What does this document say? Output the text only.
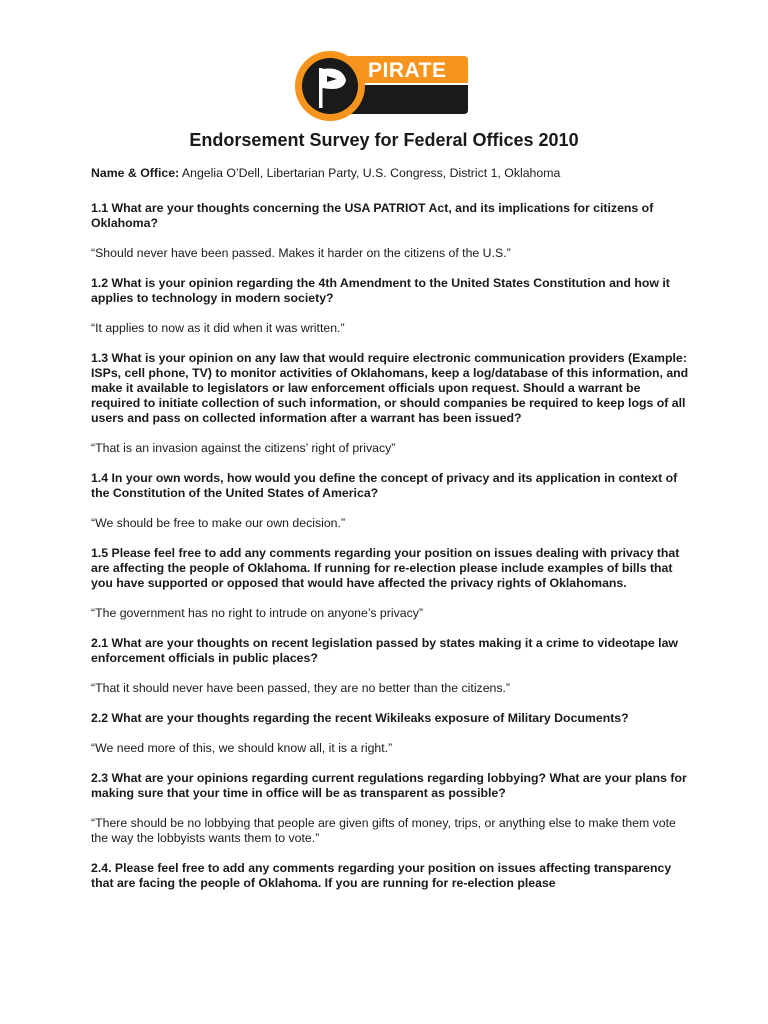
PIRATE
PARTY
Endorsement Survey for Federal Offices 2010

Name & Office: Angelia O’Dell, Libertarian Party, U.S. Congress, District 1, Oklahoma

1.1 What are your thoughts concerning the USA PATRIOT Act, and its implications for citizens of Oklahoma?

“Should never have been passed. Makes it harder on the citizens of the U.S.”

1.2 What is your opinion regarding the 4th Amendment to the United States Constitution and how it applies to technology in modern society?

“It applies to now as it did when it was written.”

1.3 What is your opinion on any law that would require electronic communication providers (Example: ISPs, cell phone, TV) to monitor activities of Oklahomans, keep a log/database of this information, and make it available to legislators or law enforcement officials upon request. Should a warrant be required to initiate collection of such information, or should companies be required to keep logs of all users and pass on collected information after a warrant has been issued?

“That is an invasion against the citizens’ right of privacy”

1.4 In your own words, how would you define the concept of privacy and its application in context of the Constitution of the United States of America?

“We should be free to make our own decision.”

1.5 Please feel free to add any comments regarding your position on issues dealing with privacy that are affecting the people of Oklahoma. If running for re-election please include examples of bills that you have supported or opposed that would have affected the privacy rights of Oklahomans.

“The government has no right to intrude on anyone’s privacy”

2.1 What are your thoughts on recent legislation passed by states making it a crime to videotape law enforcement officials in public places?

“That it should never have been passed, they are no better than the citizens.”

2.2 What are your thoughts regarding the recent Wikileaks exposure of Military Documents?

“We need more of this, we should know all, it is a right.”

2.3 What are your opinions regarding current regulations regarding lobbying? What are your plans for making sure that your time in office will be as transparent as possible?

“There should be no lobbying that people are given gifts of money, trips, or anything else to make them vote the way the lobbyists wants them to vote.”

2.4. Please feel free to add any comments regarding your position on issues affecting transparency that are facing the people of Oklahoma. If you are running for re-election please
